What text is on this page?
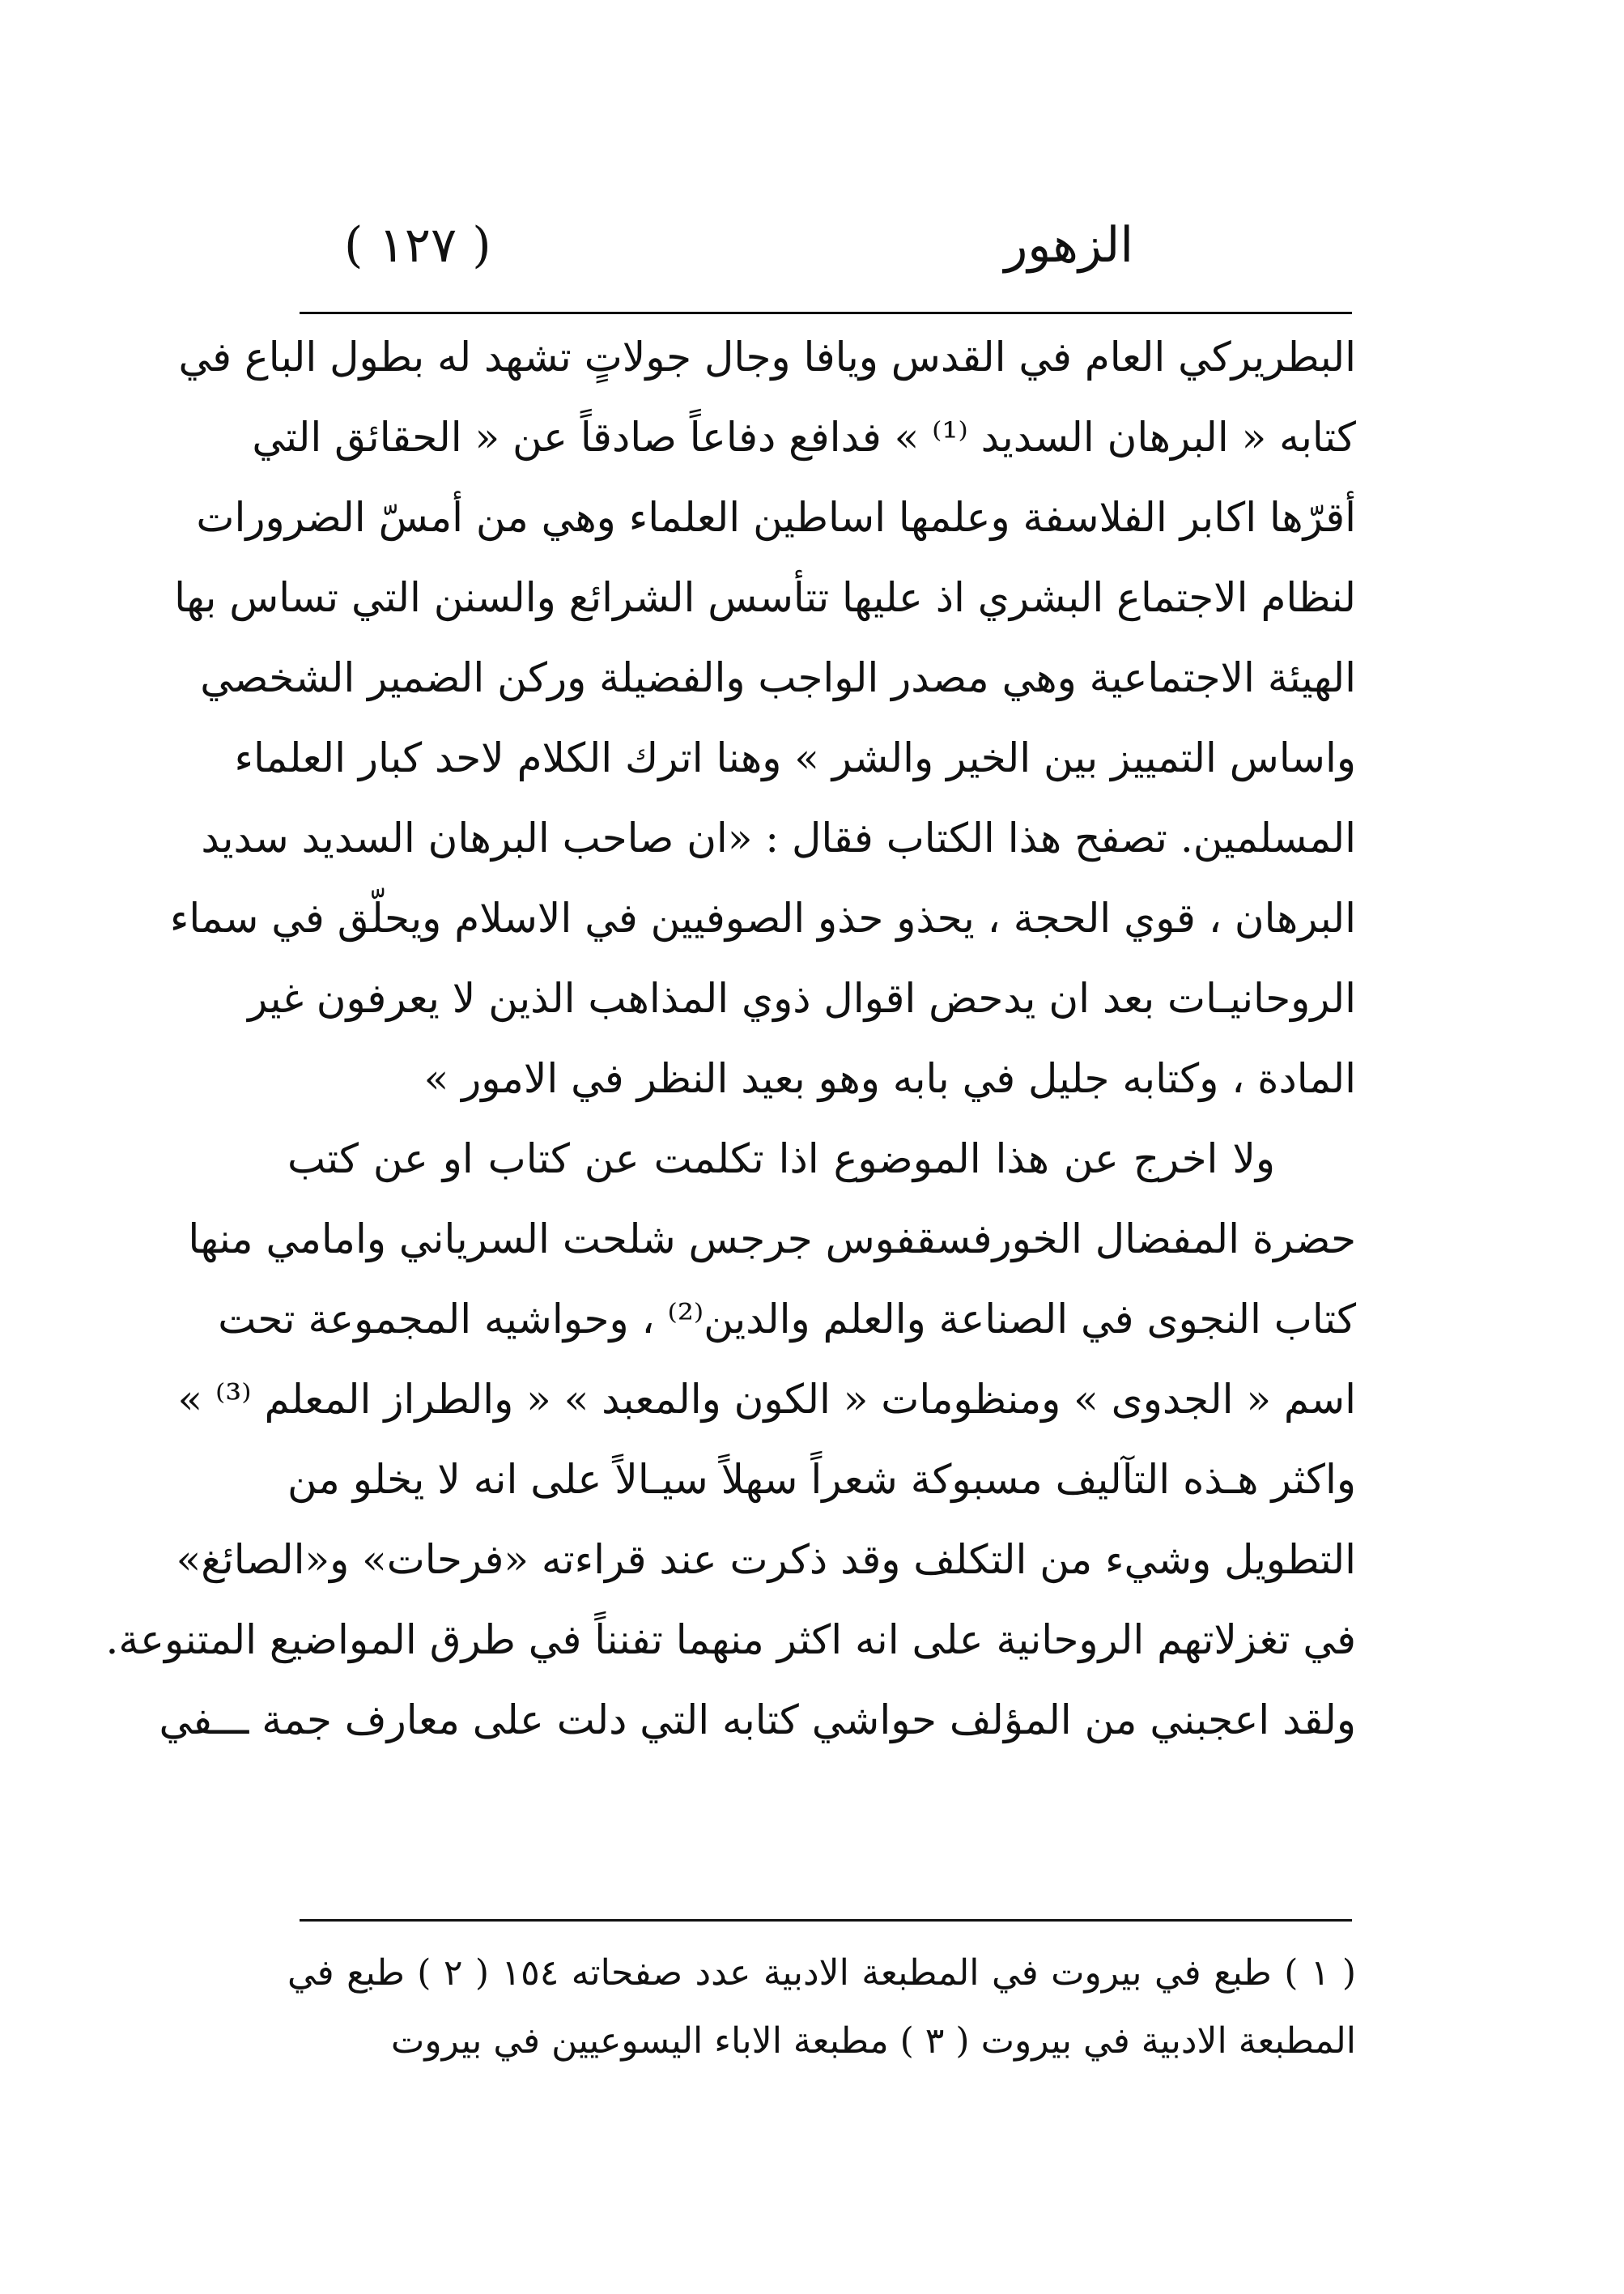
الزهور
( ١٢٧ )
البطريركي العام في القدس ويافا وجال جولاتٍ تشهد له بطول الباع في
كتابه « البرهان السديد ⁽¹⁾ » فدافع دفاعاً صادقاً عن « الحقائق التي
أقرّها اكابر الفلاسفة وعلمها اساطين العلماء وهي من أمسّ الضرورات
لنظام الاجتماع البشري اذ عليها تتأسس الشرائع والسنن التي تساس بها
الهيئة الاجتماعية وهي مصدر الواجب والفضيلة وركن الضمير الشخصي
واساس التمييز بين الخير والشر » وهنا اترك الكلام لاحد كبار العلماء
المسلمين. تصفح هذا الكتاب فقال : «ان صاحب البرهان السديد سديد
البرهان ، قوي الحجة ، يحذو حذو الصوفيين في الاسلام ويحلّق في سماء
الروحانيـات بعد ان يدحض اقوال ذوي المذاهب الذين لا يعرفون غير
المادة ، وكتابه جليل في بابه وهو بعيد النظر في الامور »
ولا اخرج عن هذا الموضوع اذا تكلمت عن كتاب او عن كتب
حضرة المفضال الخورفسقفوس جرجس شلحت السرياني وامامي منها
كتاب النجوى في الصناعة والعلم والدين⁽²⁾ ، وحواشيه المجموعة تحت
اسم « الجدوى » ومنظومات « الكون والمعبد » « والطراز المعلم ⁽³⁾ »
واكثر هـذه التآليف مسبوكة شعراً سهلاً سيـالاً على انه لا يخلو من
التطويل وشيء من التكلف وقد ذكرت عند قراءته «فرحات» و«الصائغ»
في تغزلاتهم الروحانية على انه اكثر منهما تفنناً في طرق المواضيع المتنوعة.
ولقد اعجبني من المؤلف حواشي كتابه التي دلت على معارف جمة ـــفي
( ١ ) طبع في بيروت في المطبعة الادبية عدد صفحاته ١٥٤ ( ٢ ) طبع في
المطبعة الادبية في بيروت ( ٣ ) مطبعة الاباء اليسوعيين في بيروت
